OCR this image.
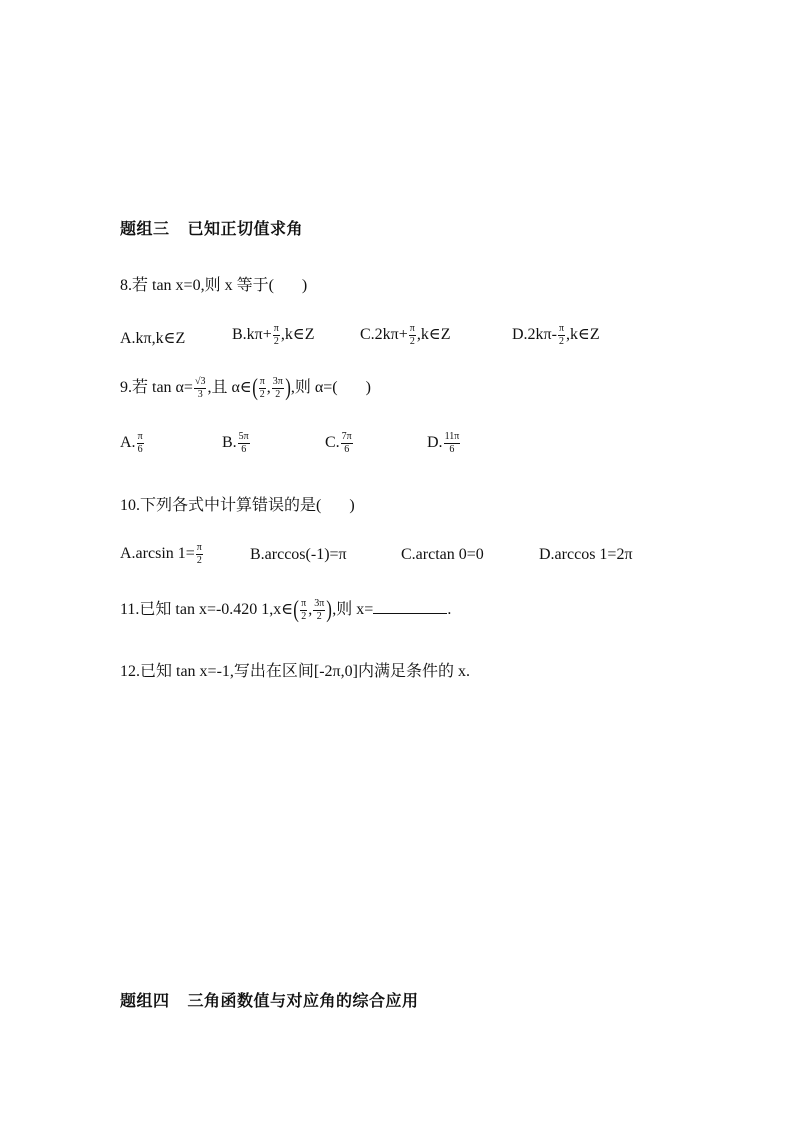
题组三 已知正切值求角
8.若 tan x=0,则 x 等于( )
A.kπ,k∈Z	$B.k\pi+ \frac{\pi}{2}$ ,k∈Z	$C.2k\pi+ \frac{\pi}{2}$ ,k∈Z	$D.2k\pi- \frac{\pi}{2}$ ,k∈Z
9.若 $\tan \alpha= \frac{√3}{3}$ ,且 α∈( $\frac{\pi}{2}$ , $\frac{3\pi}{2}$ ),则 α=( )
A. $\frac{\pi}{6}$	B. $\frac{5\pi}{6}$	C. $\frac{7\pi}{6}$	D. $\frac{11\pi}{6}$
10.下列各式中计算错误的是( )
A.arcsin $1= \frac{\pi}{2}$	B.arccos(-1)=π	C.arctan 0=0	D.arccos 1=2π
11.已知 tan x=-0.420 1,x∈( $\frac{\pi}{2}$ , $\frac{3\pi}{2}$ ),则 x=	.
12.已知 tan x=-1,写出在区间[-2π,0]内满足条件的 x.
题组四 三角函数值与对应角的综合应用
